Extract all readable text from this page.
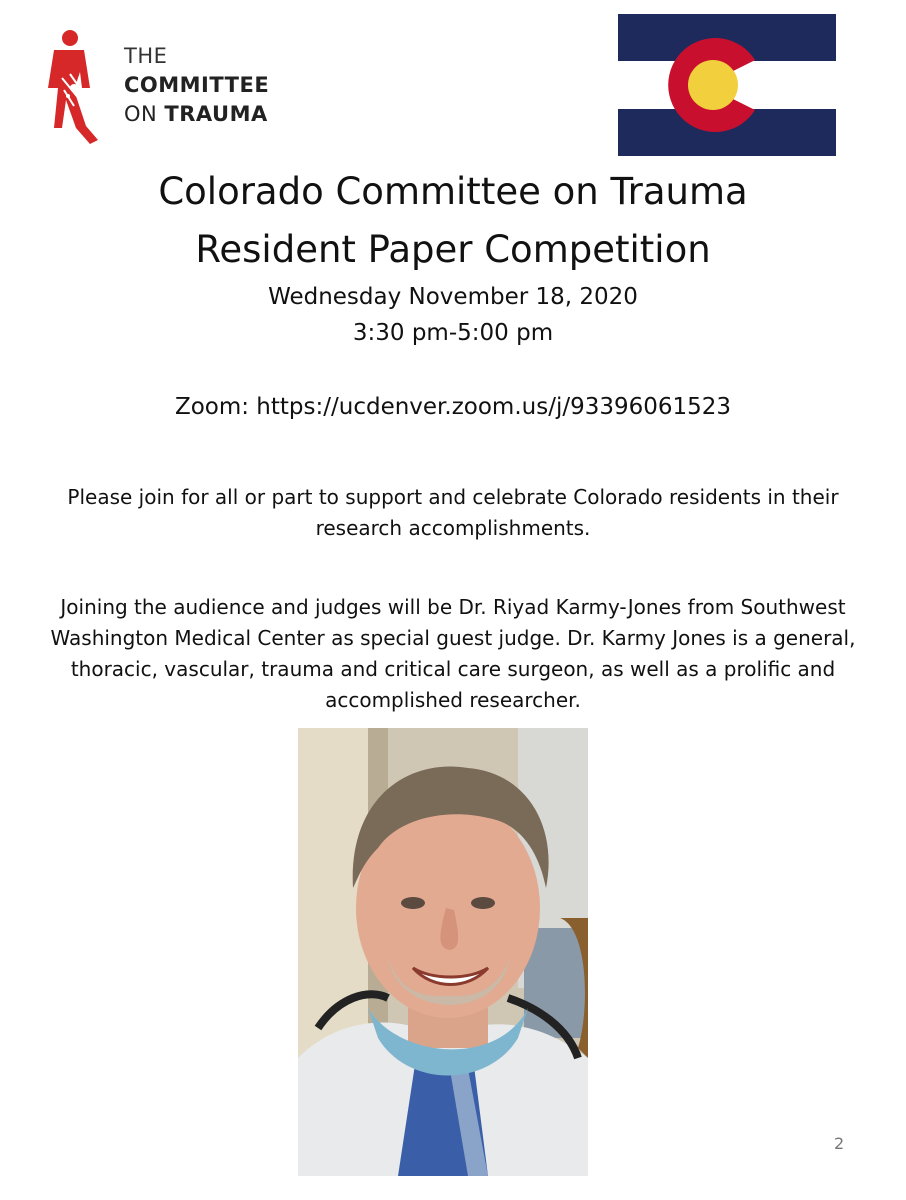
THE
COMMITTEE
ON TRAUMA
Colorado Committee on Trauma
Resident Paper Competition
Wednesday November 18, 2020
3:30 pm-5:00 pm
Zoom: https://ucdenver.zoom.us/j/93396061523
Please join for all or part to support and celebrate Colorado residents in their research accomplishments.
Joining the audience and judges will be Dr. Riyad Karmy-Jones from Southwest Washington Medical Center as special guest judge. Dr. Karmy Jones is a general, thoracic, vascular, trauma and critical care surgeon, as well as a prolific and accomplished researcher.
2
